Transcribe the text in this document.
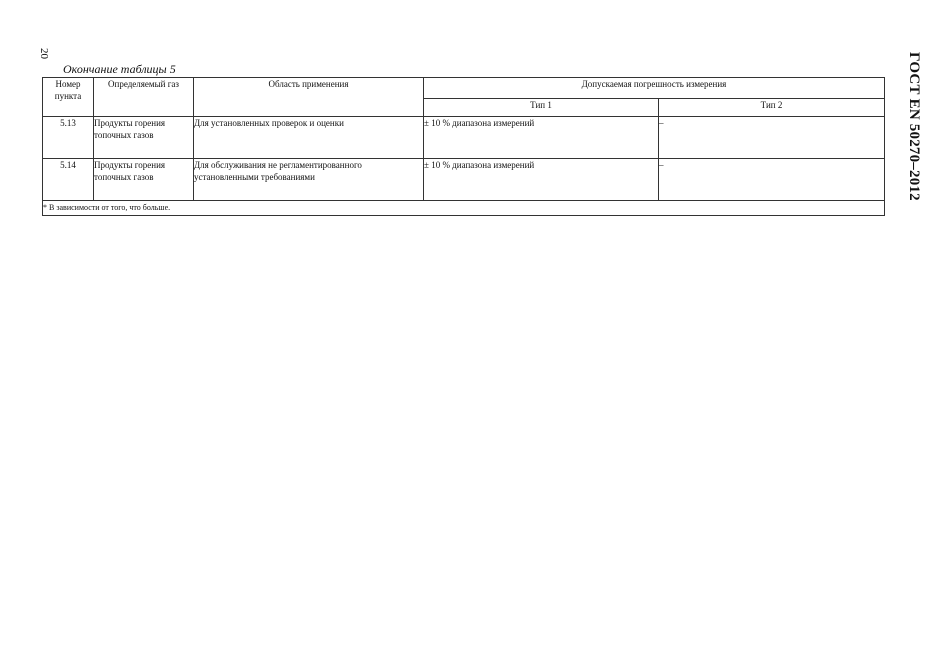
20	ГОСТ EN 50270–2012
Окончание таблицы 5
Номер пункта	Определяемый газ	Область применения	Допускаемая погрешность измерения	
			Тип 1	Тип 2
5.13	Продукты горения топочных газов	Для установленных проверок и оценки	± 10 % диапазона измерений	–
5.14	Продукты горения топочных газов	Для обслуживания не регламентированного установленными требованиями	± 10 % диапазона измерений	–
* В зависимости от того, что больше.				
